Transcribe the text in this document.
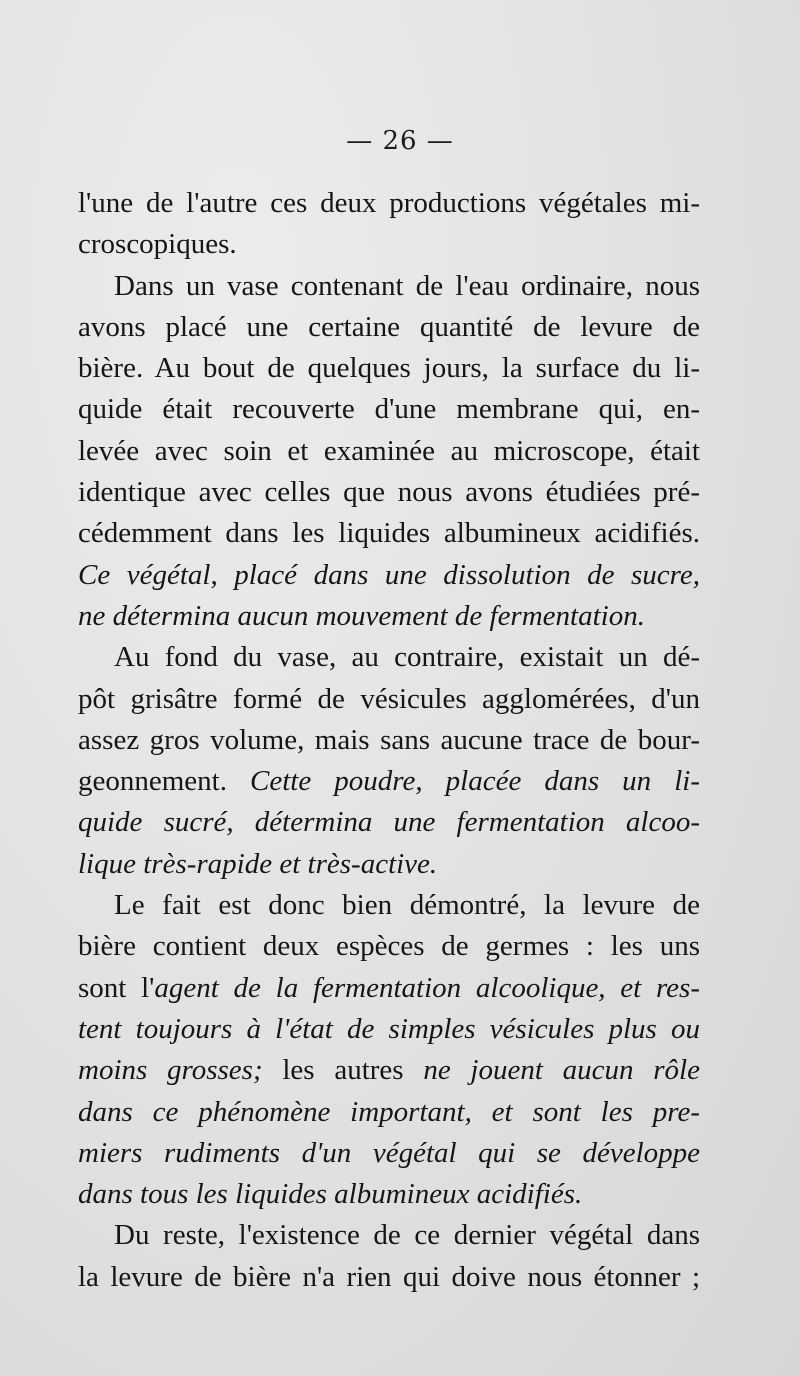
— 26 —
l'une de l'autre ces deux productions végétales mi-
croscopiques.
Dans un vase contenant de l'eau ordinaire, nous
avons placé une certaine quantité de levure de
bière. Au bout de quelques jours, la surface du li-
quide était recouverte d'une membrane qui, en-
levée avec soin et examinée au microscope, était
identique avec celles que nous avons étudiées pré-
cédemment dans les liquides albumineux acidifiés.
Ce végétal, placé dans une dissolution de sucre,
ne détermina aucun mouvement de fermentation.
Au fond du vase, au contraire, existait un dé-
pôt grisâtre formé de vésicules agglomérées, d'un
assez gros volume, mais sans aucune trace de bour-
geonnement. Cette poudre, placée dans un li-
quide sucré, détermina une fermentation alcoo-
lique très-rapide et très-active.
Le fait est donc bien démontré, la levure de
bière contient deux espèces de germes : les uns
sont l'agent de la fermentation alcoolique, et res-
tent toujours à l'état de simples vésicules plus ou
moins grosses; les autres ne jouent aucun rôle
dans ce phénomène important, et sont les pre-
miers rudiments d'un végétal qui se développe
dans tous les liquides albumineux acidifiés.
Du reste, l'existence de ce dernier végétal dans
la levure de bière n'a rien qui doive nous étonner ;
